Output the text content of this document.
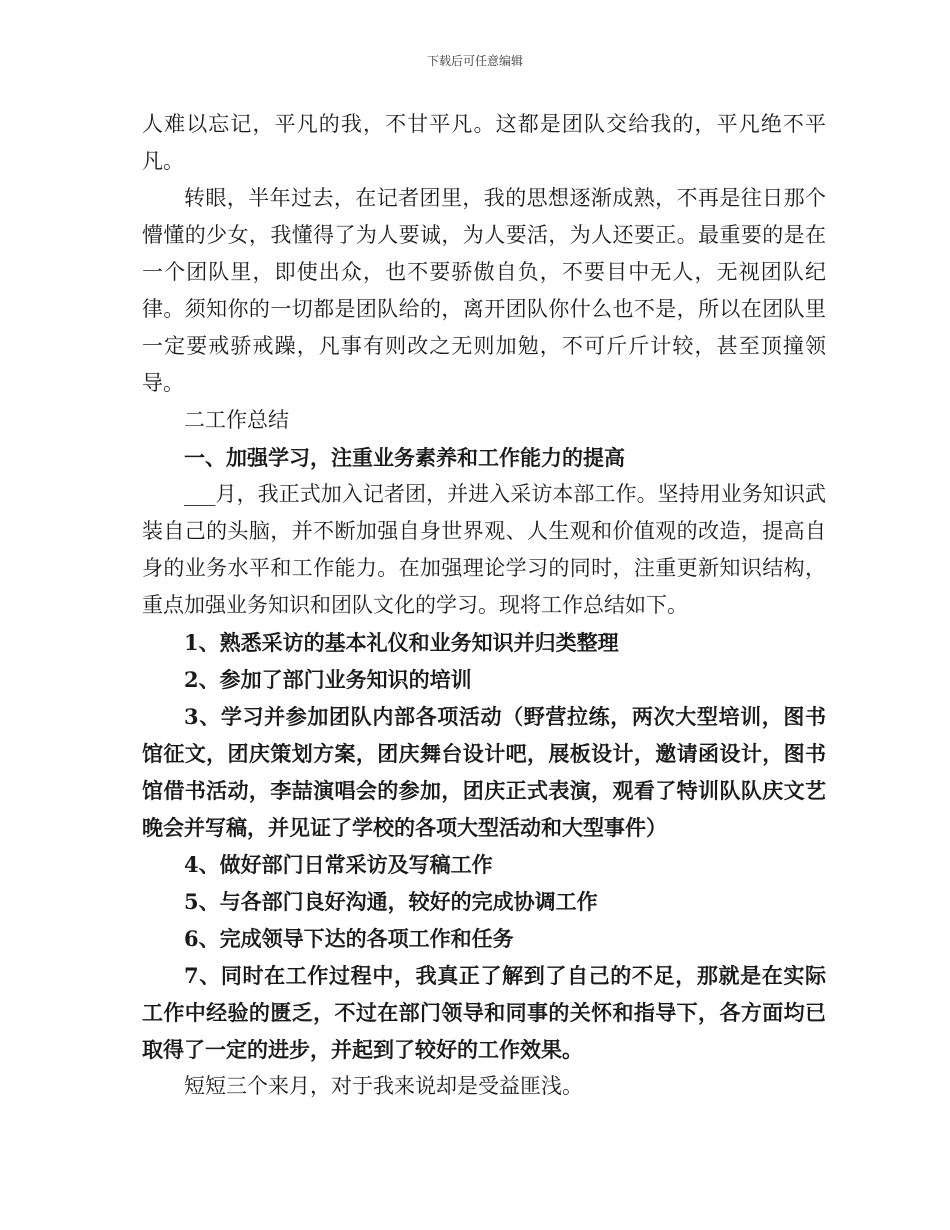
下载后可任意编辑

人难以忘记，平凡的我，不甘平凡。这都是团队交给我的，平凡绝不平凡。

转眼，半年过去，在记者团里，我的思想逐渐成熟，不再是往日那个懵懂的少女，我懂得了为人要诚，为人要活，为人还要正。最重要的是在一个团队里，即使出众，也不要骄傲自负，不要目中无人，无视团队纪律。须知你的一切都是团队给的，离开团队你什么也不是，所以在团队里一定要戒骄戒躁，凡事有则改之无则加勉，不可斤斤计较，甚至顶撞领导。

二工作总结

一、加强学习，注重业务素养和工作能力的提高

___月，我正式加入记者团，并进入采访本部工作。坚持用业务知识武装自己的头脑，并不断加强自身世界观、人生观和价值观的改造，提高自身的业务水平和工作能力。在加强理论学习的同时，注重更新知识结构，重点加强业务知识和团队文化的学习。现将工作总结如下。

1、熟悉采访的基本礼仪和业务知识并归类整理

2、参加了部门业务知识的培训

3、学习并参加团队内部各项活动（野营拉练，两次大型培训，图书馆征文，团庆策划方案，团庆舞台设计吧，展板设计，邀请函设计，图书馆借书活动，李喆演唱会的参加，团庆正式表演，观看了特训队队庆文艺晚会并写稿，并见证了学校的各项大型活动和大型事件）

4、做好部门日常采访及写稿工作

5、与各部门良好沟通，较好的完成协调工作

6、完成领导下达的各项工作和任务

7、同时在工作过程中，我真正了解到了自己的不足，那就是在实际工作中经验的匮乏，不过在部门领导和同事的关怀和指导下，各方面均已取得了一定的进步，并起到了较好的工作效果。

短短三个来月，对于我来说却是受益匪浅。
